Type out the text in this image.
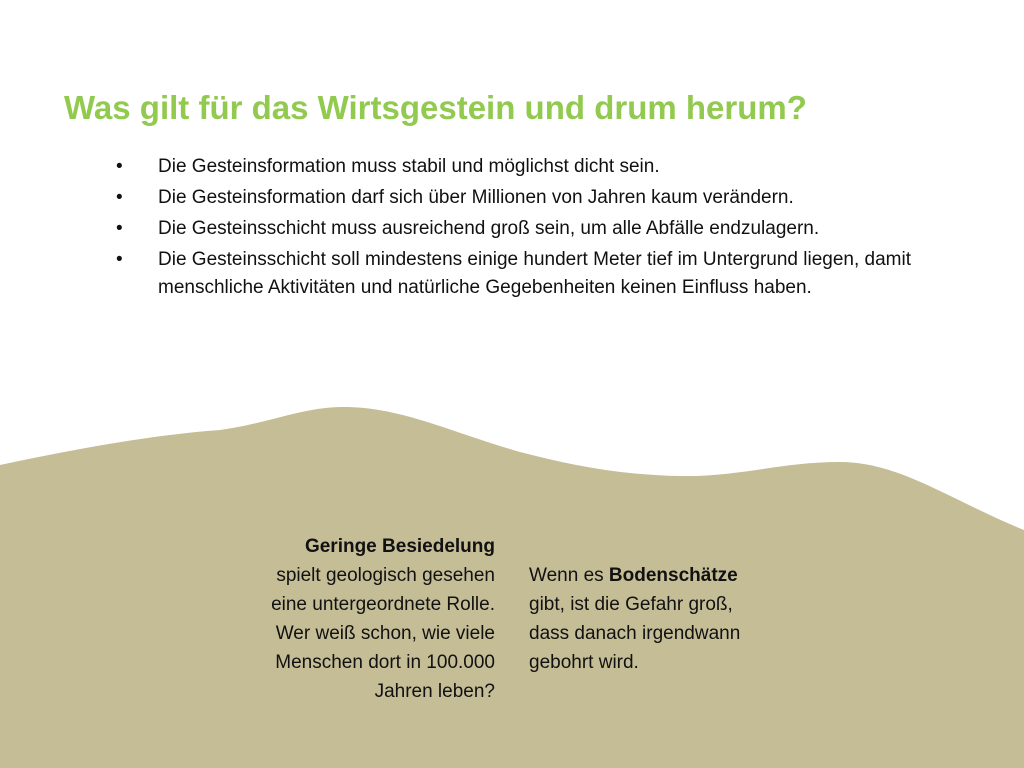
Was gilt für das Wirtsgestein und drum herum?
• Die Gesteinsformation muss stabil und möglichst dicht sein.
• Die Gesteinsformation darf sich über Millionen von Jahren kaum verändern.
• Die Gesteinsschicht muss ausreichend groß sein, um alle Abfälle endzulagern.
• Die Gesteinsschicht soll mindestens einige hundert Meter tief im Untergrund liegen, damit menschliche Aktivitäten und natürliche Gegebenheiten keinen Einfluss haben.
Geringe Besiedelung
spielt geologisch gesehen
eine untergeordnete Rolle.
Wer weiß schon, wie viele
Menschen dort in 100.000
Jahren leben?
Wenn es Bodenschätze
gibt, ist die Gefahr groß,
dass danach irgendwann
gebohrt wird.
